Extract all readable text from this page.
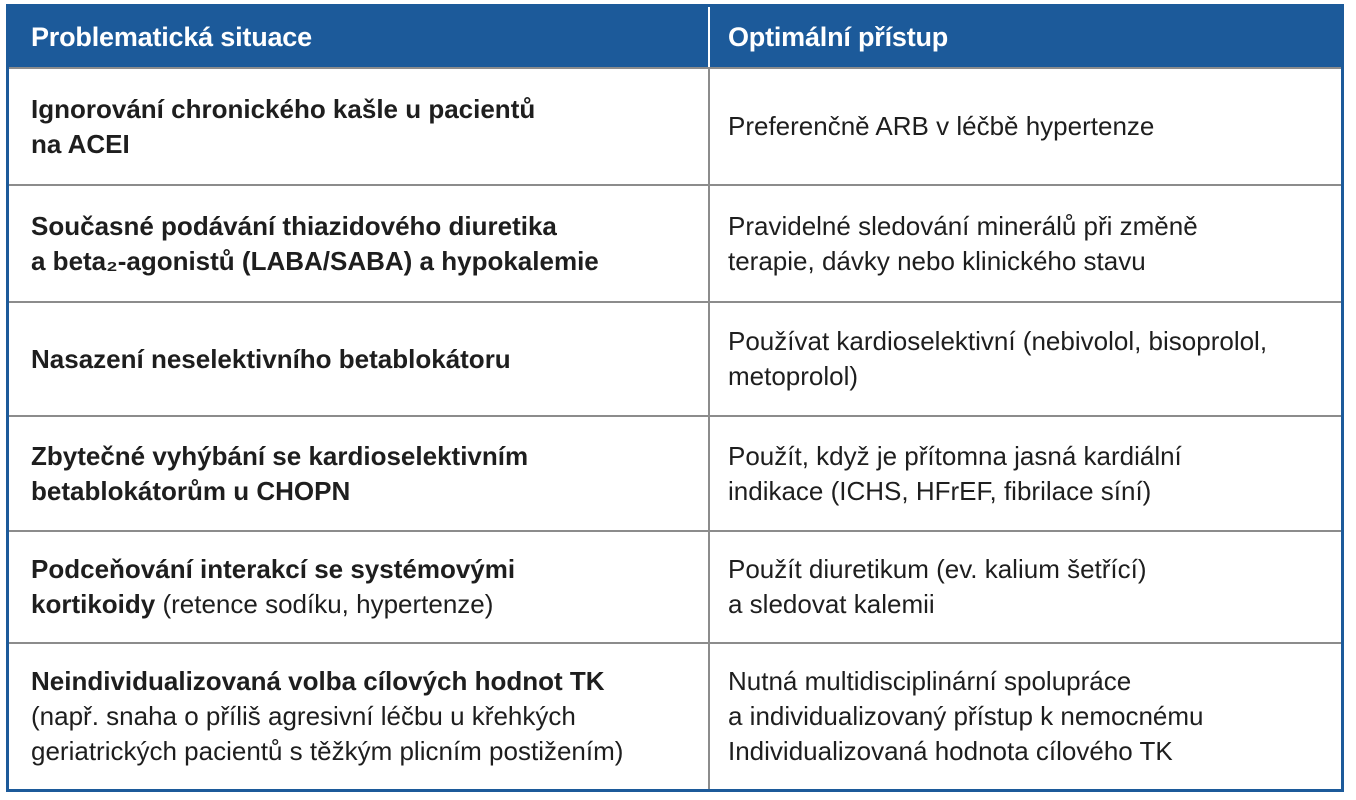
Problematická situace	Optimální přístup
Ignorování chronického kašle u pacientů
na ACEI
Preferenčně ARB v léčbě hypertenze
Současné podávání thiazidového diuretika
a beta₂-agonistů (LABA/SABA) a hypokalemie
Pravidelné sledování minerálů při změně
terapie, dávky nebo klinického stavu
Nasazení neselektivního betablokátoru
Používat kardioselektivní (nebivolol, bisoprolol,
metoprolol)
Zbytečné vyhýbání se kardioselektivním
betablokátorům u CHOPN
Použít, když je přítomna jasná kardiální
indikace (ICHS, HFrEF, fibrilace síní)
Podceňování interakcí se systémovými
kortikoidy (retence sodíku, hypertenze)
Použít diuretikum (ev. kalium šetřící)
a sledovat kalemii
Neindividualizovaná volba cílových hodnot TK
(např. snaha o příliš agresivní léčbu u křehkých
geriatrických pacientů s těžkým plicním postižením)
Nutná multidisciplinární spolupráce
a individualizovaný přístup k nemocnému
Individualizovaná hodnota cílového TK
